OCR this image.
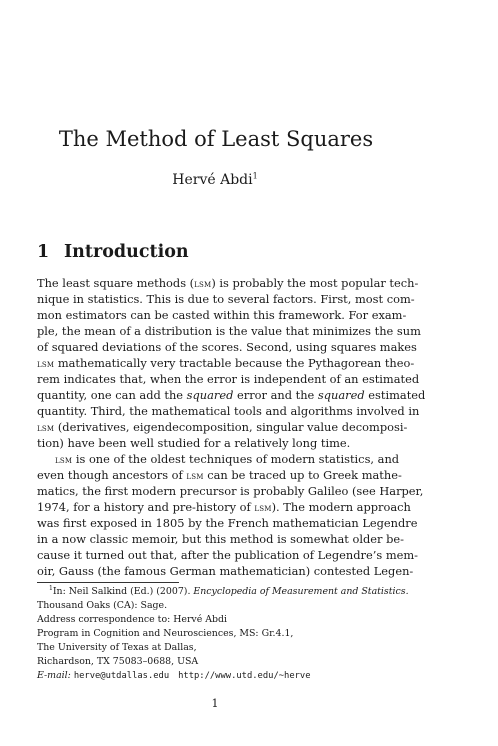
The Method of Least Squares
Hervé Abdi$^1$
1 Introduction
The least square methods (lsm) is probably the most popular tech-
nique in statistics. This is due to several factors. First, most com-
mon estimators can be casted within this framework. For exam-
ple, the mean of a distribution is the value that minimizes the sum
of squared deviations of the scores. Second, using squares makes
lsm mathematically very tractable because the Pythagorean theo-
rem indicates that, when the error is independent of an estimated
quantity, one can add the squared error and the squared estimated
quantity. Third, the mathematical tools and algorithms involved in
lsm (derivatives, eigendecomposition, singular value decomposi-
tion) have been well studied for a relatively long time.
lsm is one of the oldest techniques of modern statistics, and
even though ancestors of lsm can be traced up to Greek mathe-
matics, the first modern precursor is probably Galileo (see Harper,
1974, for a history and pre-history of lsm). The modern approach
was first exposed in 1805 by the French mathematician Legendre
in a now classic memoir, but this method is somewhat older be-
cause it turned out that, after the publication of Legendre’s mem-
oir, Gauss (the famous German mathematician) contested Legen-
$^1$In: Neil Salkind (Ed.) (2007). Encyclopedia of Measurement and Statistics.
Thousand Oaks (CA): Sage.
Address correspondence to: Hervé Abdi
Program in Cognition and Neurosciences, MS: Gr.4.1,
The University of Texas at Dallas,
Richardson, TX 75083–0688, USA
E-mail: herve@utdallas.edu http://www.utd.edu/~herve
1
